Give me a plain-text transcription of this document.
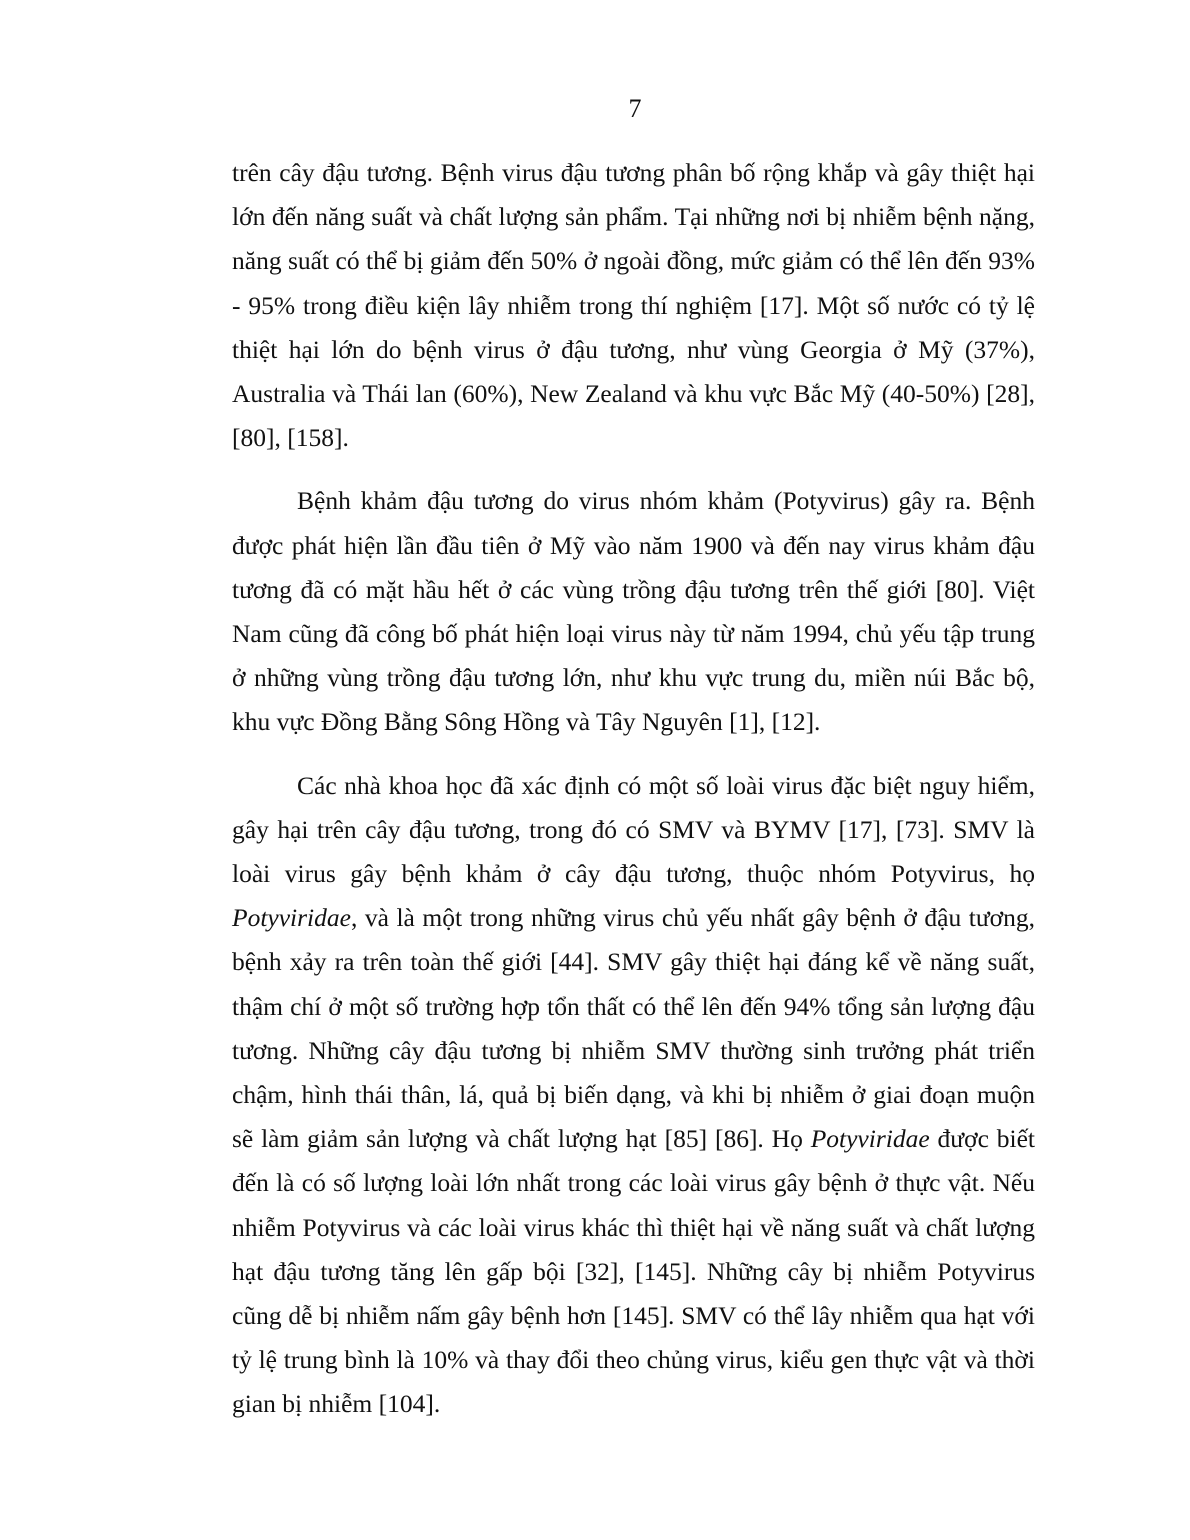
7

trên cây đậu tương. Bệnh virus đậu tương phân bố rộng khắp và gây thiệt hại lớn đến năng suất và chất lượng sản phẩm. Tại những nơi bị nhiễm bệnh nặng, năng suất có thể bị giảm đến 50% ở ngoài đồng, mức giảm có thể lên đến 93% - 95% trong điều kiện lây nhiễm trong thí nghiệm [17]. Một số nước có tỷ lệ thiệt hại lớn do bệnh virus ở đậu tương, như vùng Georgia ở Mỹ (37%), Australia và Thái lan (60%), New Zealand và khu vực Bắc Mỹ (40-50%) [28], [80], [158].

Bệnh khảm đậu tương do virus nhóm khảm (Potyvirus) gây ra. Bệnh được phát hiện lần đầu tiên ở Mỹ vào năm 1900 và đến nay virus khảm đậu tương đã có mặt hầu hết ở các vùng trồng đậu tương trên thế giới [80]. Việt Nam cũng đã công bố phát hiện loại virus này từ năm 1994, chủ yếu tập trung ở những vùng trồng đậu tương lớn, như khu vực trung du, miền núi Bắc bộ, khu vực Đồng Bằng Sông Hồng và Tây Nguyên [1], [12].

Các nhà khoa học đã xác định có một số loài virus đặc biệt nguy hiểm, gây hại trên cây đậu tương, trong đó có SMV và BYMV [17], [73]. SMV là loài virus gây bệnh khảm ở cây đậu tương, thuộc nhóm Potyvirus, họ Potyviridae, và là một trong những virus chủ yếu nhất gây bệnh ở đậu tương, bệnh xảy ra trên toàn thế giới [44]. SMV gây thiệt hại đáng kể về năng suất, thậm chí ở một số trường hợp tổn thất có thể lên đến 94% tổng sản lượng đậu tương. Những cây đậu tương bị nhiễm SMV thường sinh trưởng phát triển chậm, hình thái thân, lá, quả bị biến dạng, và khi bị nhiễm ở giai đoạn muộn sẽ làm giảm sản lượng và chất lượng hạt [85] [86]. Họ Potyviridae được biết đến là có số lượng loài lớn nhất trong các loài virus gây bệnh ở thực vật. Nếu nhiễm Potyvirus và các loài virus khác thì thiệt hại về năng suất và chất lượng hạt đậu tương tăng lên gấp bội [32], [145]. Những cây bị nhiễm Potyvirus cũng dễ bị nhiễm nấm gây bệnh hơn [145]. SMV có thể lây nhiễm qua hạt với tỷ lệ trung bình là 10% và thay đổi theo chủng virus, kiểu gen thực vật và thời gian bị nhiễm [104].
